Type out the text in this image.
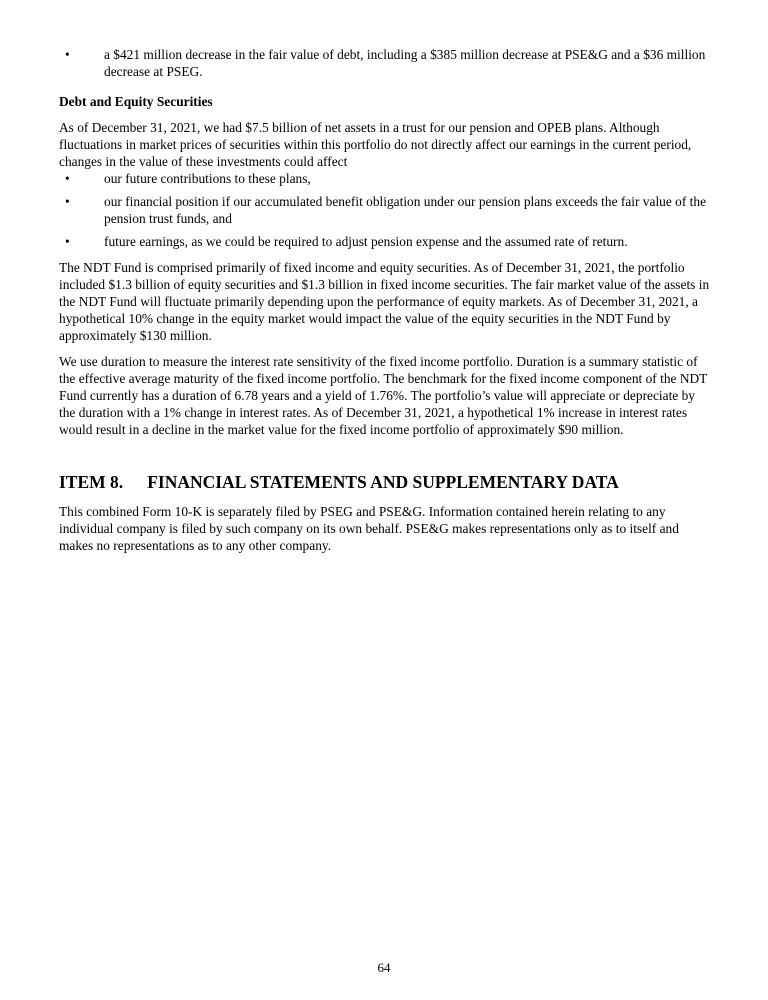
•	a $421 million decrease in the fair value of debt, including a $385 million decrease at PSE&G and a $36 million decrease at PSEG.
Debt and Equity Securities
As of December 31, 2021, we had $7.5 billion of net assets in a trust for our pension and OPEB plans. Although fluctuations in market prices of securities within this portfolio do not directly affect our earnings in the current period, changes in the value of these investments could affect
•	our future contributions to these plans,
•	our financial position if our accumulated benefit obligation under our pension plans exceeds the fair value of the pension trust funds, and
•	future earnings, as we could be required to adjust pension expense and the assumed rate of return.
The NDT Fund is comprised primarily of fixed income and equity securities. As of December 31, 2021, the portfolio included $1.3 billion of equity securities and $1.3 billion in fixed income securities. The fair market value of the assets in the NDT Fund will fluctuate primarily depending upon the performance of equity markets. As of December 31, 2021, a hypothetical 10% change in the equity market would impact the value of the equity securities in the NDT Fund by approximately $130 million.
We use duration to measure the interest rate sensitivity of the fixed income portfolio. Duration is a summary statistic of the effective average maturity of the fixed income portfolio. The benchmark for the fixed income component of the NDT Fund currently has a duration of 6.78 years and a yield of 1.76%. The portfolio’s value will appreciate or depreciate by the duration with a 1% change in interest rates. As of December 31, 2021, a hypothetical 1% increase in interest rates would result in a decline in the market value for the fixed income portfolio of approximately $90 million.
ITEM 8. FINANCIAL STATEMENTS AND SUPPLEMENTARY DATA
This combined Form 10-K is separately filed by PSEG and PSE&G. Information contained herein relating to any individual company is filed by such company on its own behalf. PSE&G makes representations only as to itself and makes no representations as to any other company.
64
